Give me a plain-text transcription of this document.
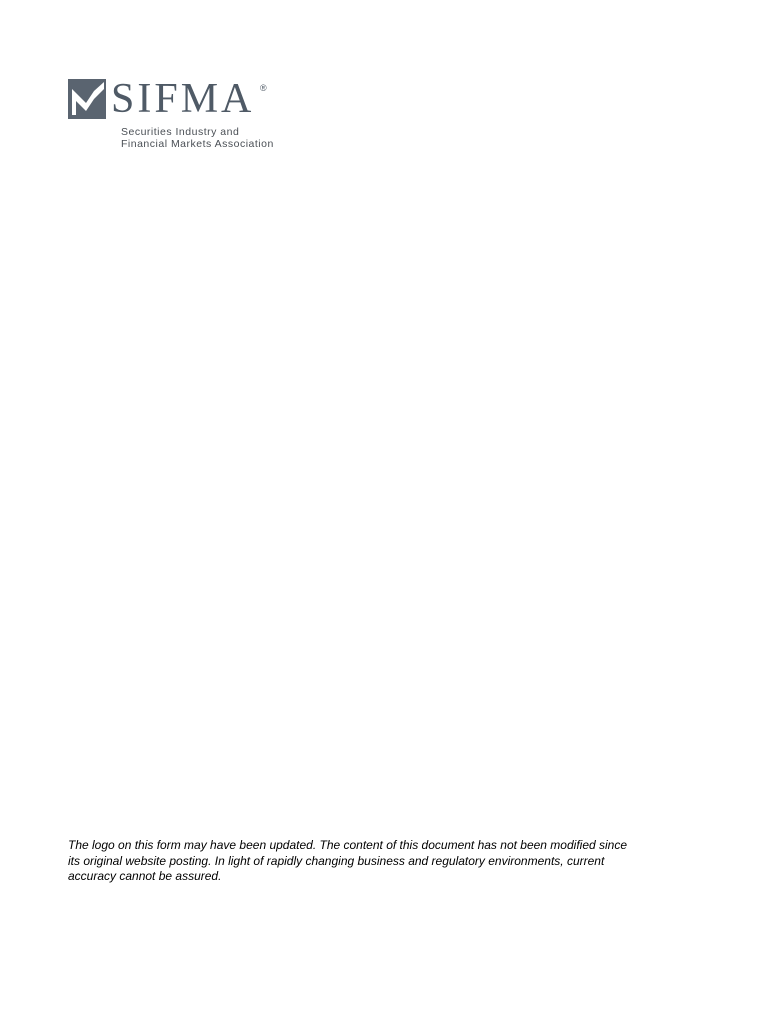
SIFMA ®
Securities Industry and
Financial Markets Association

The logo on this form may have been updated. The content of this document has not been modified since
its original website posting. In light of rapidly changing business and regulatory environments, current
accuracy cannot be assured.
